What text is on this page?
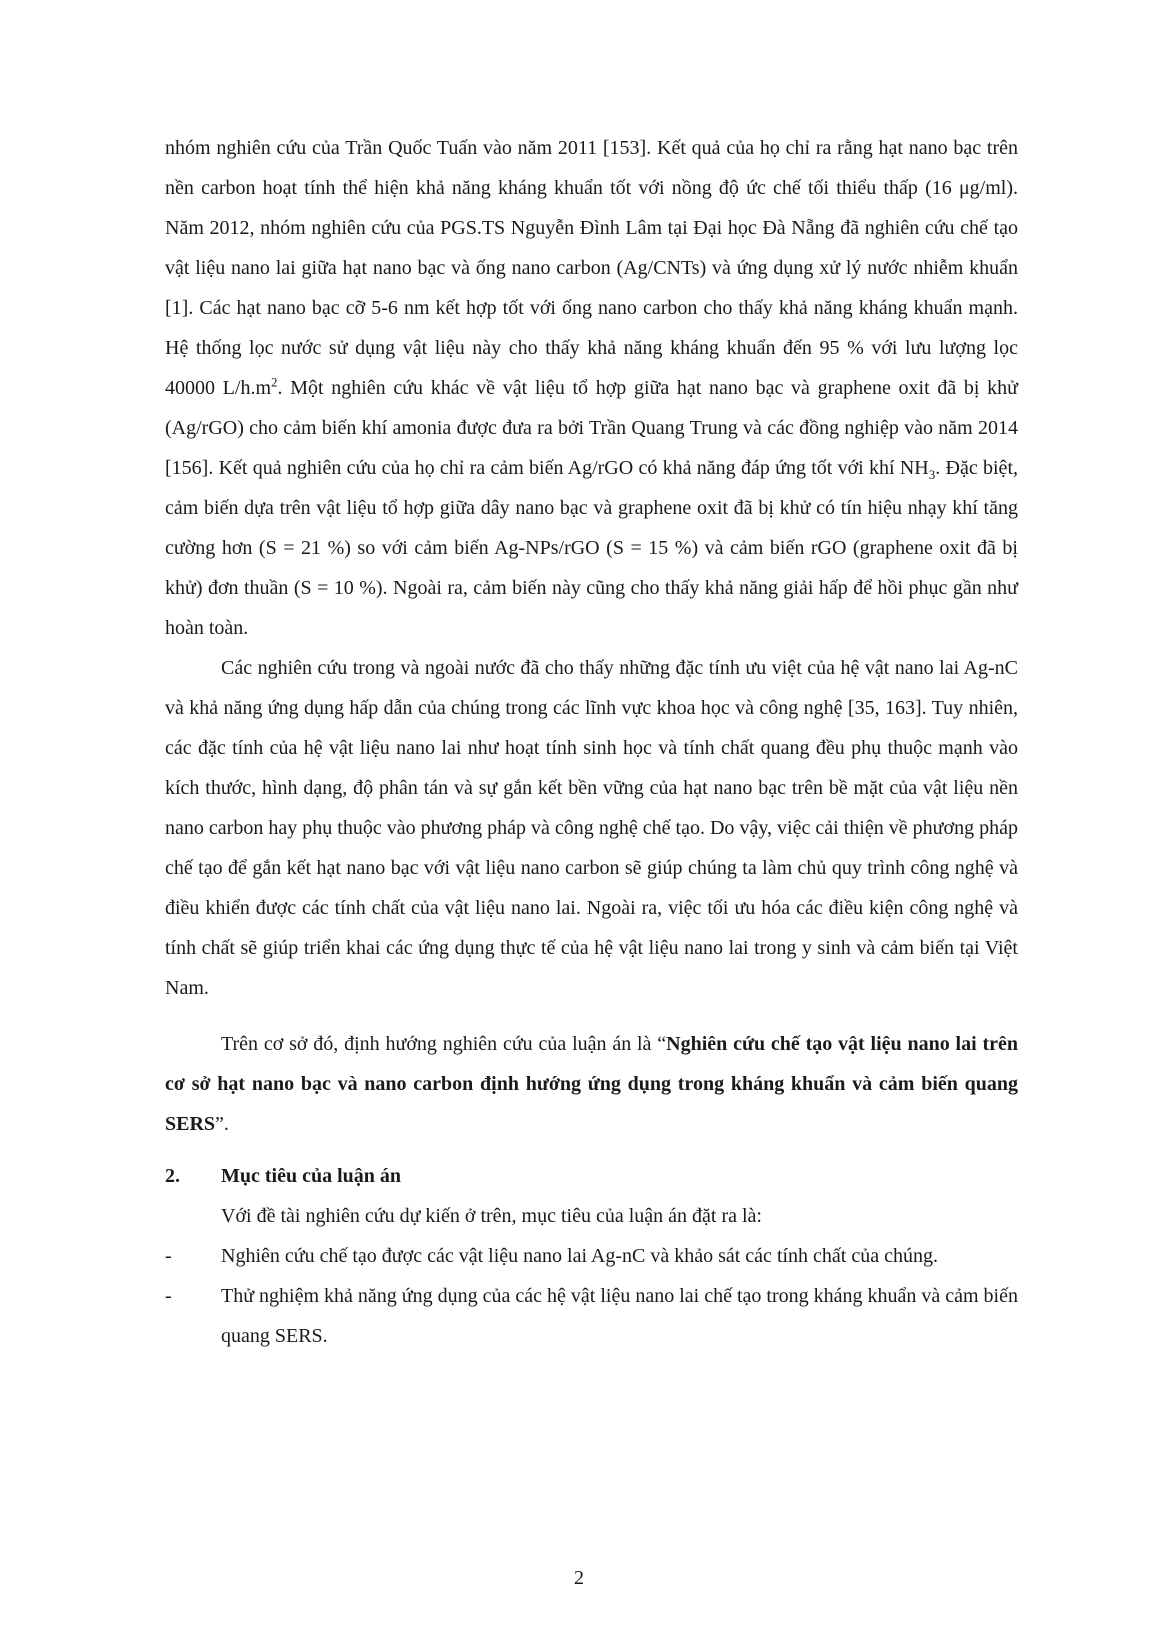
nhóm nghiên cứu của Trần Quốc Tuấn vào năm 2011 [153]. Kết quả của họ chỉ ra rằng hạt nano bạc trên nền carbon hoạt tính thể hiện khả năng kháng khuẩn tốt với nồng độ ức chế tối thiểu thấp (16 μg/ml). Năm 2012, nhóm nghiên cứu của PGS.TS Nguyễn Đình Lâm tại Đại học Đà Nẵng đã nghiên cứu chế tạo vật liệu nano lai giữa hạt nano bạc và ống nano carbon (Ag/CNTs) và ứng dụng xử lý nước nhiễm khuẩn [1]. Các hạt nano bạc cỡ 5-6 nm kết hợp tốt với ống nano carbon cho thấy khả năng kháng khuẩn mạnh. Hệ thống lọc nước sử dụng vật liệu này cho thấy khả năng kháng khuẩn đến 95 % với lưu lượng lọc 40000 $L/h.m^2$. Một nghiên cứu khác về vật liệu tổ hợp giữa hạt nano bạc và graphene oxit đã bị khử (Ag/rGO) cho cảm biến khí amonia được đưa ra bởi Trần Quang Trung và các đồng nghiệp vào năm 2014 [156]. Kết quả nghiên cứu của họ chỉ ra cảm biến Ag/rGO có khả năng đáp ứng tốt với khí $NH_3$. Đặc biệt, cảm biến dựa trên vật liệu tổ hợp giữa dây nano bạc và graphene oxit đã bị khử có tín hiệu nhạy khí tăng cường hơn (S = 21 %) so với cảm biến Ag-NPs/rGO (S = 15 %) và cảm biến rGO (graphene oxit đã bị khử) đơn thuần (S = 10 %). Ngoài ra, cảm biến này cũng cho thấy khả năng giải hấp để hồi phục gần như hoàn toàn.

Các nghiên cứu trong và ngoài nước đã cho thấy những đặc tính ưu việt của hệ vật nano lai Ag-nC và khả năng ứng dụng hấp dẫn của chúng trong các lĩnh vực khoa học và công nghệ [35, 163]. Tuy nhiên, các đặc tính của hệ vật liệu nano lai như hoạt tính sinh học và tính chất quang đều phụ thuộc mạnh vào kích thước, hình dạng, độ phân tán và sự gắn kết bền vững của hạt nano bạc trên bề mặt của vật liệu nền nano carbon hay phụ thuộc vào phương pháp và công nghệ chế tạo. Do vậy, việc cải thiện về phương pháp chế tạo để gắn kết hạt nano bạc với vật liệu nano carbon sẽ giúp chúng ta làm chủ quy trình công nghệ và điều khiển được các tính chất của vật liệu nano lai. Ngoài ra, việc tối ưu hóa các điều kiện công nghệ và tính chất sẽ giúp triển khai các ứng dụng thực tế của hệ vật liệu nano lai trong y sinh và cảm biến tại Việt Nam.

Trên cơ sở đó, định hướng nghiên cứu của luận án là “Nghiên cứu chế tạo vật liệu nano lai trên cơ sở hạt nano bạc và nano carbon định hướng ứng dụng trong kháng khuẩn và cảm biến quang SERS”.

2.	Mục tiêu của luận án

Với đề tài nghiên cứu dự kiến ở trên, mục tiêu của luận án đặt ra là:

-	Nghiên cứu chế tạo được các vật liệu nano lai Ag-nC và khảo sát các tính chất của chúng.

-	Thử nghiệm khả năng ứng dụng của các hệ vật liệu nano lai chế tạo trong kháng khuẩn và cảm biến quang SERS.

2
